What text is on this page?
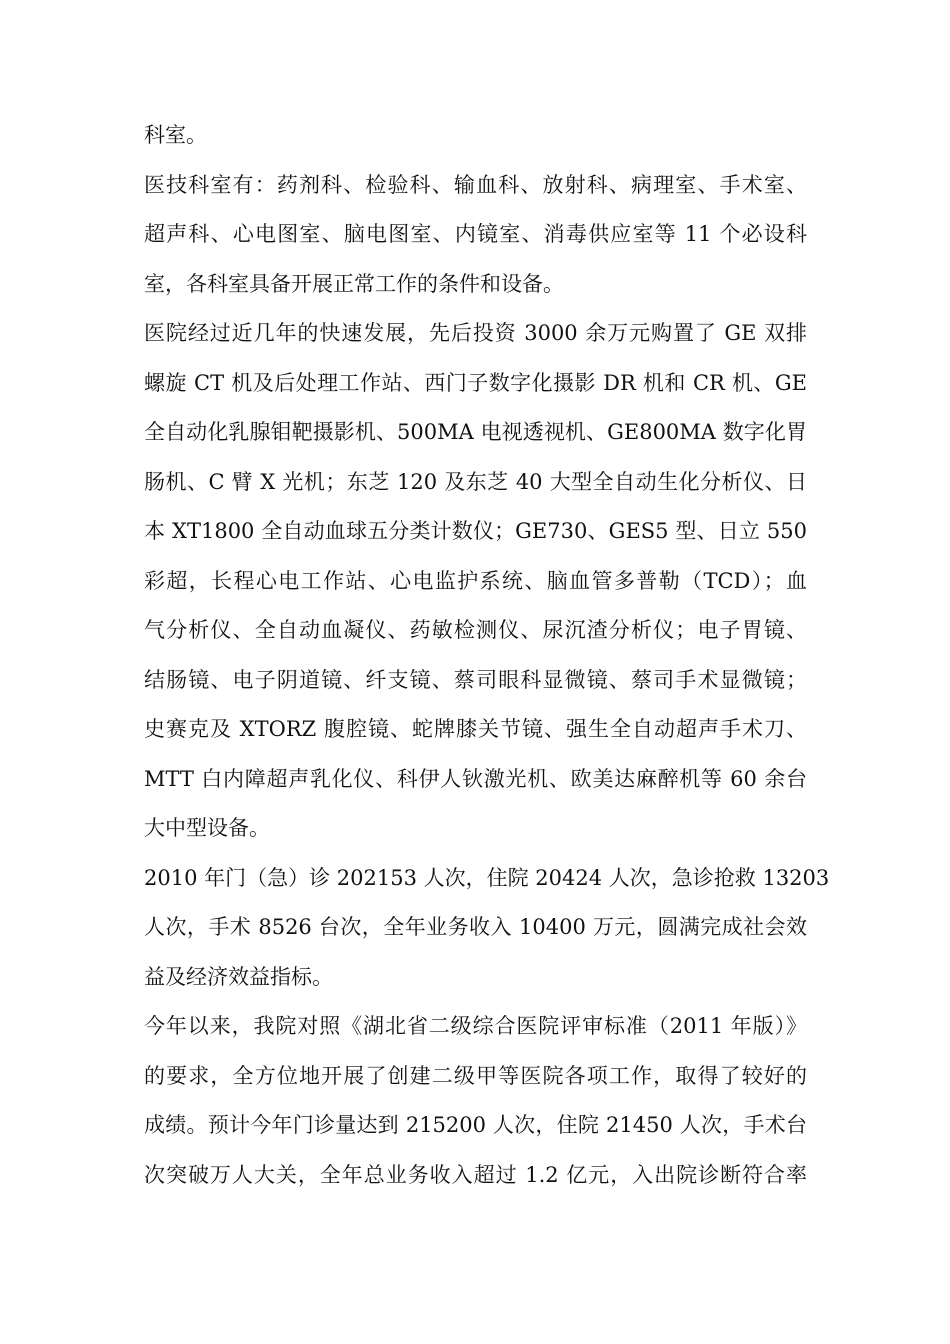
科室。
医技科室有：药剂科、检验科、输血科、放射科、病理室、手术室、
超声科、心电图室、脑电图室、内镜室、消毒供应室等 11 个必设科
室，各科室具备开展正常工作的条件和设备。
医院经过近几年的快速发展，先后投资 3000 余万元购置了 GE 双排
螺旋 CT 机及后处理工作站、西门子数字化摄影 DR 机和 CR 机、GE
全自动化乳腺钼靶摄影机、500MA 电视透视机、GE800MA 数字化胃
肠机、C 臂 X 光机；东芝 120 及东芝 40 大型全自动生化分析仪、日
本 XT1800 全自动血球五分类计数仪；GE730、GES5 型、日立 550
彩超，长程心电工作站、心电监护系统、脑血管多普勒（TCD）；血
气分析仪、全自动血凝仪、药敏检测仪、尿沉渣分析仪；电子胃镜、
结肠镜、电子阴道镜、纤支镜、蔡司眼科显微镜、蔡司手术显微镜；
史赛克及 XTORZ 腹腔镜、蛇牌膝关节镜、强生全自动超声手术刀、
MTT 白内障超声乳化仪、科伊人钬激光机、欧美达麻醉机等 60 余台
大中型设备。
2010 年门（急）诊 202153 人次，住院 20424 人次，急诊抢救 13203
人次，手术 8526 台次，全年业务收入 10400 万元，圆满完成社会效
益及经济效益指标。
今年以来，我院对照《湖北省二级综合医院评审标准（2011 年版）》
的要求，全方位地开展了创建二级甲等医院各项工作，取得了较好的
成绩。预计今年门诊量达到 215200 人次，住院 21450 人次，手术台
次突破万人大关，全年总业务收入超过 1.2 亿元，入出院诊断符合率
